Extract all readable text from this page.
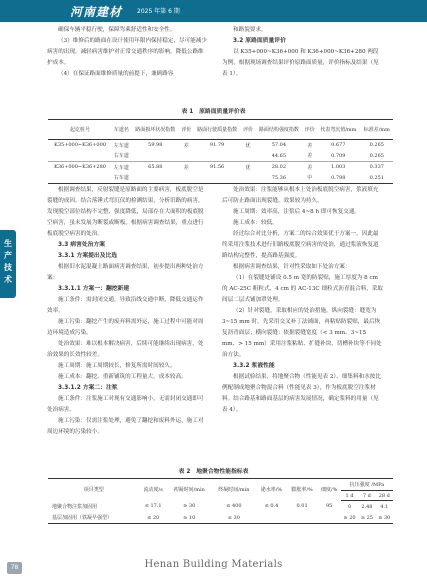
河南建材 2025 年第 6 期
生
产
技
术

确保车辆平稳行驶，保障驾乘舒适性和安全性。

（3）维修后的路面在设计使用年限内保持稳定，尽可能减少病害的出现，减轻病害维护对正常交通秩序的影响，降低公路维护成本。

（4）在保证路面维修质量的前提下，兼顾路容

和路貌要求。

3.2 原路面质量评价

以 K35+000~K36+000 和 K36+000~K36+280 两段为例，根据现场调查结果评价原路面质量，评价指标及结果（见表 1）。

表 1　原路面质量评价表
起讫桩号	车道名	路面损坏状况指数	评价	路面行驶质量指数	评价	路面结构强度指数	评价	代表弯沉值/mm	标准差/mm
K35+000~K36+000	左车道	59.98	差	91.79	优	57.04	差	0.677	0.265
	右车道					44.65	差	0.709	0.265
K36+000~K36+280	左车道	65.88	差	91.56	优	28.02	差	1.003	0.337
	右车道					75.36	中	0.798	0.251

根据调查结果，反射裂缝是原路面的主要病害，板底脱空是裂缝的成因。结合落锤式弯沉仪的检测结果，分析旧路的病害，发现脱空部位结构不完整、强度降低，局部存在大面积的板底脱空病害，虽未发展为断裂或断板。根据病害调查结果，重点进行板底脱空病害的处治。

3.3 病害处治方案

3.3.1 方案提出及比选

根据旧水泥混凝土路面病害调查结果，初步提出两种处治方案：

3.3.1.1 方案一：翻挖新建

施工条件：需封闭交通，导致沿线交通中断，降低交通运作效率。

施工污染：翻挖产生的废弃料需外运，施工过程中可能对周边环境造成污染。

处治效果：难以根本解决病害，后续可能继续出现病害，处治效果的长效性较差。

施工周期：施工周期较长，修复所需时间较久。

施工成本：翻挖、重新铺筑的工程量大，成本较高。

3.3.1.2 方案二：注浆

施工条件：注浆施工对现有交通影响小，无需封闭交通即可处治病害。

施工污染：仅需注浆处理，避免了翻挖和废料外运，施工对周边环境的污染较小。

处治效果：注浆能够从根本上处治板底脱空病害，浆液填充后可防止路面出现裂缝，效果较为持久。

施工周期：效率高，注浆后 4~8 h 即可恢复交通。

施工成本：较低。

经过综合对比分析，方案二的综合效果优于方案一，因此最终采用注浆技术进行旧路板底脱空病害的处治，通过浆液恢复道路结构完整性，提高路基强度。

根据病害调查结果，针对性采取如下处治方案：

（1）在裂缝处铺设 0.5 m 宽的防裂贴，施工厚度为 8 cm 的 AC-25C 粗粒式、4 cm 的 AC-13C 细粒式沥青混合料，采取间层二层式铺加罩处理。

（2）针对裂缝，采取相应的处治措施。纵向裂缝：缝宽为 3~15 mm 时，先采用交叉补丁法铺面，再粘贴防裂贴，最后恢复沥青面层；横向裂缝：依据裂缝宽度（< 3 mm、3~15 mm、> 15 mm）采用注浆粘贴、扩缝补块、切槽补块等不同处治方法。

3.3.2 浆液性能

根据试验结果，将地聚合物（性能见表 2）、细集料和水按比例配制成地聚合物混合料（性能见表 3），作为板底脱空注浆材料。结合路基和路面基层的病害发展情况，确定浆料的用量（见表 4）。

表 2　地聚合物性能指标表
项目类型	流动度/s	初凝时间/min	终凝时间/min	泌水率/%	膨胀率/%	细度/%	抗压强度 /MPa		
							1 d	7 d	28 d
地聚合物注浆加固用	≤ 17.1	≥ 30	≤ 400	≤ 0.4	0.01	95	0	2.48	4.1
基层加固用（铁凝早强型）	≤ 20	≥ 10	≤ 30				≥ 20	≥ 25	≥ 30
78	Henan Building Materials
